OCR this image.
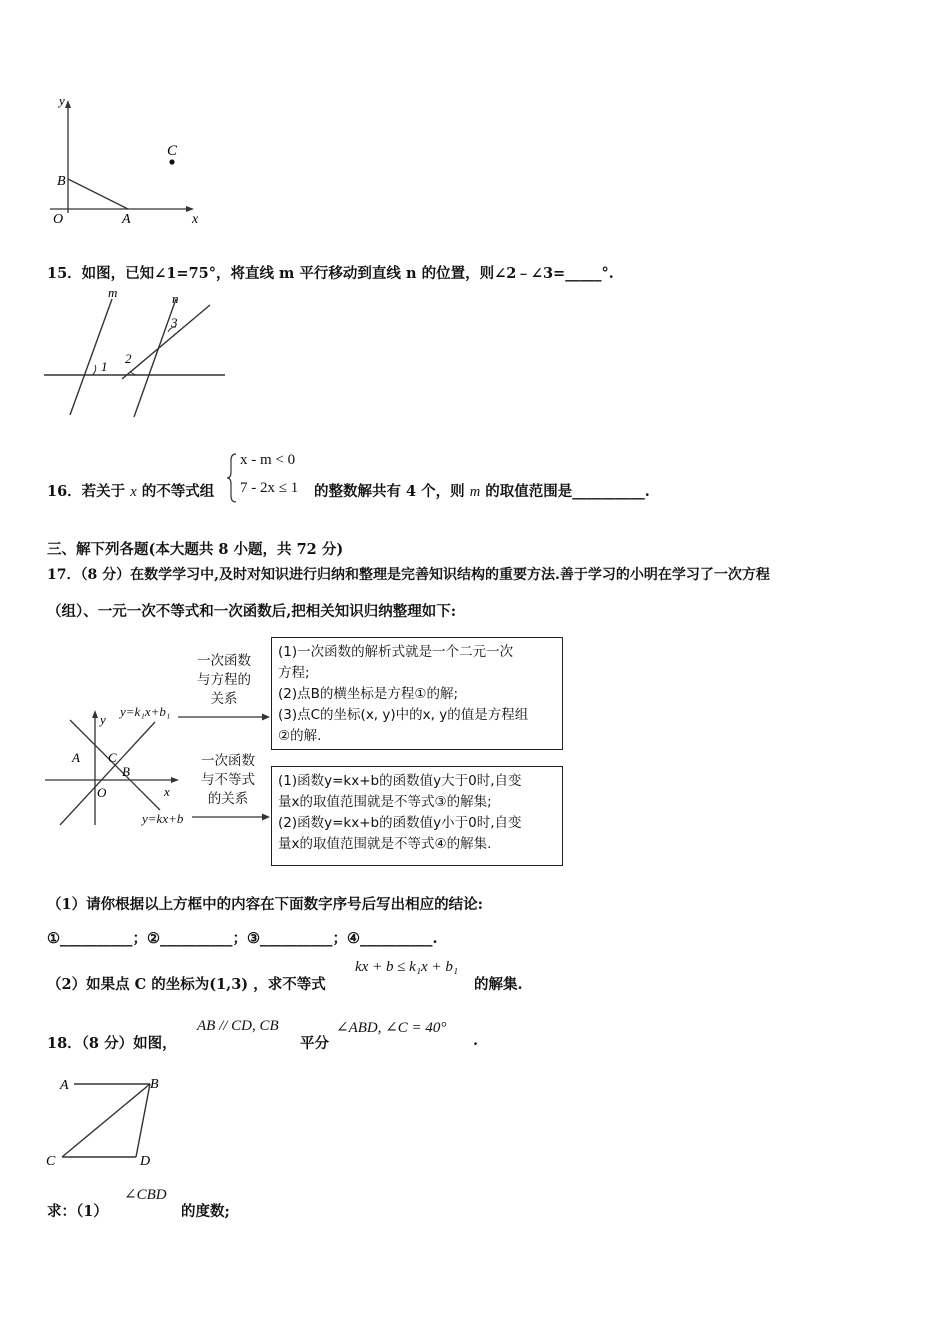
y
x
O	A
B
C
15．如图，已知∠1=75°，将直线 m 平行移动到直线 n 的位置，则∠2﹣∠3=_____°.
m	n
1
2
3
16．若关于 x 的不等式组
x - m < 0
7 - 2x ≤ 1 的整数解共有 4 个，则 m 的取值范围是__________.
三、解下列各题(本大题共 8 小题，共 72 分)
17．（8 分）在数学学习中,及时对知识进行归纳和整理是完善知识结构的重要方法.善于学习的小明在学习了一次方程
（组）、一元一次不等式和一次函数后,把相关知识归纳整理如下:
y
x
O
A C
B
y=k₁x+b₁
y=kx+b
一次函数
与方程的
关系
一次函数
与不等式
的关系
(1)一次函数的解析式就是一个二元一次
方程;
(2)点B的横坐标是方程①的解;
(3)点C的坐标(x, y)中的x, y的值是方程组
②的解.
(1)函数y=kx+b的函数值y大于0时,自变
量x的取值范围就是不等式③的解集;
(2)函数y=kx+b的函数值y小于0时,自变
量x的取值范围就是不等式④的解集.
（1）请你根据以上方框中的内容在下面数字序号后写出相应的结论:
①__________；②__________；③__________；④__________.
（2）如果点 C 的坐标为(1,3) ，求不等式
kx + b ≤ k₁x + b₁
的解集.
18．（8 分）如图，
AB // CD, CB
平分
∠ABD, ∠C = 40°
.
A	B
C	D
求：（1）
∠CBD
的度数;
